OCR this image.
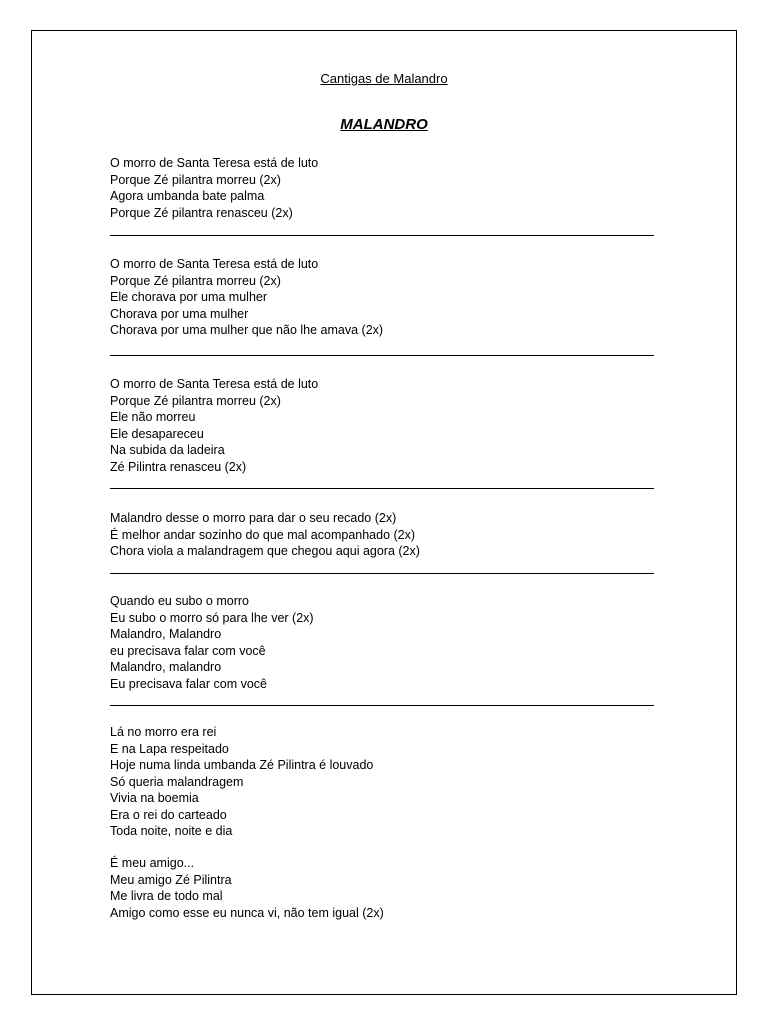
Cantigas de Malandro
MALANDRO
O morro de Santa Teresa está de luto
Porque Zé pilantra morreu (2x)
Agora umbanda bate palma
Porque Zé pilantra renasceu (2x)
O morro de Santa Teresa está de luto
Porque Zé pilantra morreu (2x)
Ele chorava por uma mulher
Chorava por uma mulher
Chorava por uma mulher que não lhe amava (2x)
O morro de Santa Teresa está de luto
Porque Zé pilantra morreu (2x)
Ele não morreu
Ele desapareceu
Na subida da ladeira
Zé Pilintra renasceu (2x)
Malandro desse o morro para dar o seu recado (2x)
É melhor andar sozinho do que mal acompanhado (2x)
Chora viola a malandragem que chegou aqui agora (2x)
Quando eu subo o morro
Eu subo o morro só para lhe ver (2x)
Malandro, Malandro
eu precisava falar com você
Malandro, malandro
Eu precisava falar com você
Lá no morro era rei
E na Lapa respeitado
Hoje numa linda umbanda Zé Pilintra é louvado
Só queria malandragem
Vivia na boemia
Era o rei do carteado
Toda noite, noite e dia
É meu amigo...
Meu amigo Zé Pilintra
Me livra de todo mal
Amigo como esse eu nunca vi, não tem igual (2x)
